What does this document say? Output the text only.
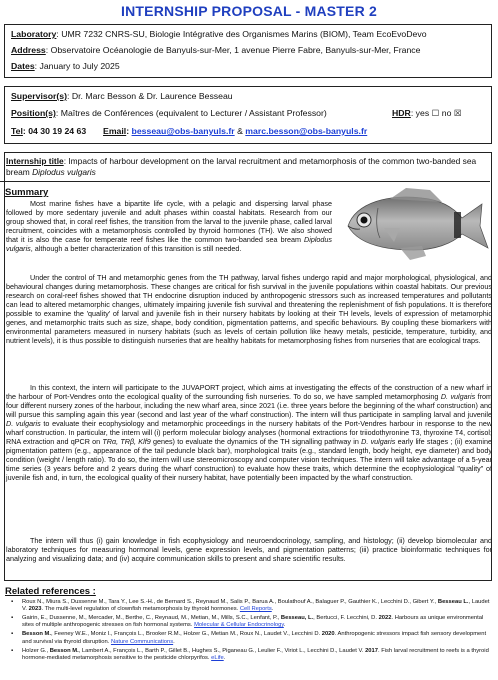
INTERNSHIP PROPOSAL - MASTER 2
Laboratory: UMR 7232 CNRS-SU, Biologie Intégrative des Organismes Marins (BIOM), Team EcoEvoDevo
Address: Observatoire Océanologie de Banyuls-sur-Mer, 1 avenue Pierre Fabre, Banyuls-sur-Mer, France
Dates: January to July 2025
Supervisor(s): Dr. Marc Besson & Dr. Laurence Besseau
Position(s): Maîtres de Conférences (equivalent to Lecturer / Assistant Professor)	HDR: yes ☐ no ☒
Tel: 04 30 19 24 63 Email: besseau@obs-banyuls.fr & marc.besson@obs-banyuls.fr
Internship title: Impacts of harbour development on the larval recruitment and metamorphosis of the common two-banded sea bream Diplodus vulgaris
Summary

Most marine fishes have a bipartite life cycle, with a pelagic and dispersing larval phase followed by more sedentary juvenile and adult phases within coastal habitats. Research from our group showed that, in coral reef fishes, the transition from the larval to the juvenile phase, called larval recruitment, coincides with a metamorphosis controlled by thyroid hormones (TH). We also showed that it is also the case for temperate reef fishes like the common two-banded sea bream Diplodus vulgaris, although a better characterization of this transition is still needed.

Under the control of TH and metamorphic genes from the TH pathway, larval fishes undergo rapid and major morphological, physiological, and behavioural changes during metamorphosis. These changes are critical for fish survival in the juvenile populations within coastal habitats. Our previous research on coral-reef fishes showed that TH endocrine disruption induced by anthropogenic stressors such as increased temperatures and pollutants can lead to altered metamorphic changes, ultimately impairing juvenile fish survival and threatening the replenishment of fish populations. It is therefore possible to examine the 'quality' of larval and juvenile fish in their nursery habitats by looking at their TH levels, levels of expression of metamorphic genes, and metamorphic traits such as size, shape, body condition, pigmentation patterns, and specific behaviours. By coupling these biomarkers with environmental parameters measured in nursery habitats (such as levels of certain pollution like heavy metals, pesticide, temperature, turbidity, and nutrient levels), it is thus possible to distinguish nurseries that are healthy habitats for metamorphosing fishes from nurseries that are ecological traps.

In this context, the intern will participate to the JUVAPORT project, which aims at investigating the effects of the construction of a new wharf in the harbour of Port-Vendres onto the ecological quality of the surrounding fish nurseries. To do so, we have sampled metamorphosing D. vulgaris from four different nursery zones of the harbour, including the new wharf area, since 2021 (i.e. three years before the beginning of the wharf construction) and will pursue this sampling again this year (second and last year of the wharf construction). The intern will thus participate in sampling larval and juvenile D. vulgaris to evaluate their ecophysiology and metamorphic proceedings in the nursery habitats of the Port-Vendres harbour in response to the new wharf construction. In particular, the intern will (i) perform molecular biology analyses (hormonal extractions for triiodothyronine T3, thyroxine T4, cortisol; RNA extraction and qPCR on TRα, TRβ, Klf9 genes) to evaluate the dynamics of the TH signalling pathway in D. vulgaris early life stages ; (ii) examine pigmentation pattern (e.g., appearance of the tail peduncle black bar), morphological traits (e.g., standard length, body height, eye diameter) and body condition (weight / length ratio). To do so, the intern will use stereomicroscopy and computer vision techniques. The intern will take advantage of a 5-year time series (3 years before and 2 years during the wharf construction) to evaluate how these traits, which determine the ecophysiological "quality" of juvenile fish and, in turn, the ecological quality of their nursery habitat, have potentially been impacted by the wharf construction.

The intern will thus (i) gain knowledge in fish ecophysiology and neuroendocrinology, sampling, and histology; (ii) develop biomolecular and laboratory techniques for measuring hormonal levels, gene expression levels, and pigmentation patterns; (iii) practice bioinformatic techniques for analyzing and visualizing data; and (iv) acquire communication skills to present and share scientific results.

Related references :
▪ Roux N., Miura S., Dussenne M., Tara Y., Lee S.-H., de Bernard S., Reynaud M., Salis P., Barua A., Boulathouf A., Balaguer P., Gauthier K., Lecchini D., Gibert Y., Besseau L., Laudet V. 2023. The multi-level regulation of clownfish metamorphosis by thyroid hormones. Cell Reports.
▪ Gairin, E., Dussenne, M., Mercader, M., Berthe, C., Reynaud, M., Metian, M., Mills, S.C., Lenfant, P., Besseau, L., Bertucci, F. Lecchini, D. 2022. Harbours as unique environmental sites of multiple anthropogenic stresses on fish hormonal systems. Molecular & Cellular Endocrinology.
▪ Besson M., Feeney W.E., Moniz I., François L., Brooker R.M., Holzer G., Metian M., Roux N., Laudet V., Lecchini D. 2020. Anthropogenic stressors impact fish sensory development and survival via thyroid disruption. Nature Communications.
▪ Holzer G., Besson M., Lambert A., François L., Barth P., Gillet B., Hughes S., Piganeau G., Leulier F., Viriot L., Lecchini D., Laudet V. 2017. Fish larval recruitment to reefs is a thyroid hormone-mediated metamorphosis sensitive to the pesticide chlorpyrifos. eLife.
